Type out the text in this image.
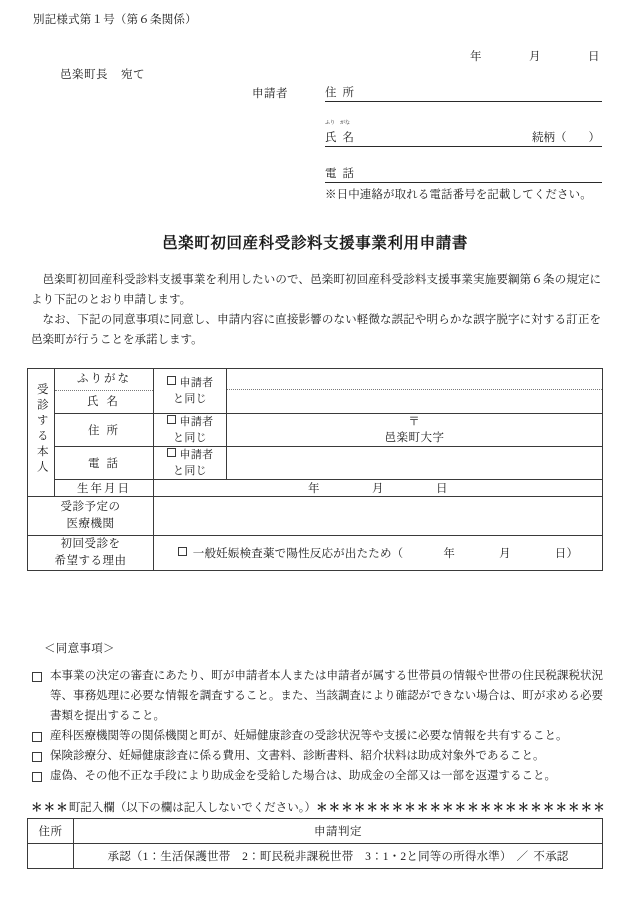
別記様式第１号（第６条関係）
年	月	日
邑楽町長 宛て
申請者	住 所
ふり がな
氏 名	続柄（ ）
電 話
※日中連絡が取れる電話番号を記載してください。
邑楽町初回産科受診料支援事業利用申請書

邑楽町初回産科受診料支援事業を利用したいので、邑楽町初回産科受診料支援事業実施要綱第６条の規定により下記のとおり申請します。

なお、下記の同意事項に同意し、申請内容に直接影響のない軽微な誤記や明らかな誤字脱字に対する訂正を邑楽町が行うことを承諾します。

受診する本人	ふりがな
氏 名	申請者
と同じ	

	住 所	申請者
と同じ	〒
邑楽町大字

	電 話	申請者
と同じ	

	生年月日	年 月 日	

受診予定の
医療機関			

初回受診を
希望する理由		一般妊娠検査薬で陽性反応が出たため（ 年 月 日）	
＜同意事項＞
本事業の決定の審査にあたり、町が申請者本人または申請者が属する世帯員の情報や世帯の住民税課税状況等、事務処理に必要な情報を調査すること。また、当該調査により確認ができない場合は、町が求める必要書類を提出すること。
産科医療機関等の関係機関と町が、妊婦健康診査の受診状況等や支援に必要な情報を共有すること。
保険診療分、妊婦健康診査に係る費用、文書料、診断書料、紹介状料は助成対象外であること。
虚偽、その他不正な手段により助成金を受給した場合は、助成金の全部又は一部を返還すること。
＊＊＊町記入欄（以下の欄は記入しないでください。）＊＊＊＊＊＊＊＊＊＊＊＊＊＊＊＊＊＊＊＊＊＊＊
住所	申請判定
	承認（1：生活保護世帯　2：町民税非課税世帯　3：1・2と同等の所得水準） ／ 不承認
